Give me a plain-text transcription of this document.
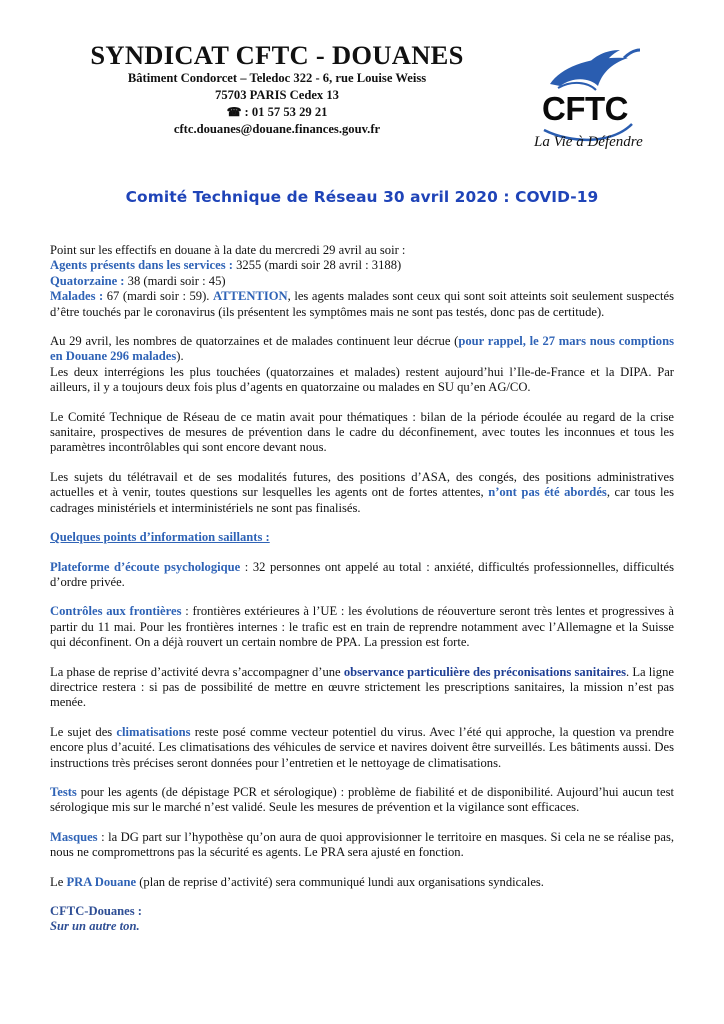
SYNDICAT CFTC - DOUANES
Bâtiment Condorcet – Teledoc 322 - 6, rue Louise Weiss
75703 PARIS Cedex 13
☎ : 01 57 53 29 21
cftc.douanes@douane.finances.gouv.fr
CFTC
La Vie à Défendre
Comité Technique de Réseau 30 avril 2020 : COVID-19

Point sur les effectifs en douane à la date du mercredi 29 avril au soir :

Agents présents dans les services : 3255 (mardi soir 28 avril : 3188)

Quatorzaine : 38 (mardi soir : 45)

Malades : 67 (mardi soir : 59). ATTENTION, les agents malades sont ceux qui sont soit atteints soit seulement suspectés d’être touchés par le coronavirus (ils présentent les symptômes mais ne sont pas testés, donc pas de certitude).

Au 29 avril, les nombres de quatorzaines et de malades continuent leur décrue (pour rappel, le 27 mars nous comptions en Douane 296 malades).

Les deux interrégions les plus touchées (quatorzaines et malades) restent aujourd’hui l’Ile-de-France et la DIPA. Par ailleurs, il y a toujours deux fois plus d’agents en quatorzaine ou malades en SU qu’en AG/CO.

Le Comité Technique de Réseau de ce matin avait pour thématiques : bilan de la période écoulée au regard de la crise sanitaire, prospectives de mesures de prévention dans le cadre du déconfinement, avec toutes les inconnues et tous les paramètres incontrôlables qui sont encore devant nous.

Les sujets du télétravail et de ses modalités futures, des positions d’ASA, des congés, des positions administratives actuelles et à venir, toutes questions sur lesquelles les agents ont de fortes attentes, n’ont pas été abordés, car tous les cadrages ministériels et interministériels ne sont pas finalisés.

Quelques points d’information saillants :

Plateforme d’écoute psychologique : 32 personnes ont appelé au total : anxiété, difficultés professionnelles, difficultés d’ordre privée.

Contrôles aux frontières : frontières extérieures à l’UE : les évolutions de réouverture seront très lentes et progressives à partir du 11 mai. Pour les frontières internes : le trafic est en train de reprendre notamment avec l’Allemagne et la Suisse qui déconfinent. On a déjà rouvert un certain nombre de PPA. La pression est forte.

La phase de reprise d’activité devra s’accompagner d’une observance particulière des préconisations sanitaires. La ligne directrice restera : si pas de possibilité de mettre en œuvre strictement les prescriptions sanitaires, la mission n’est pas menée.

Le sujet des climatisations reste posé comme vecteur potentiel du virus. Avec l’été qui approche, la question va prendre encore plus d’acuité. Les climatisations des véhicules de service et navires doivent être surveillés. Les bâtiments aussi. Des instructions très précises seront données pour l’entretien et le nettoyage de climatisations.

Tests pour les agents (de dépistage PCR et sérologique) : problème de fiabilité et de disponibilité. Aujourd’hui aucun test sérologique mis sur le marché n’est validé. Seule les mesures de prévention et la vigilance sont efficaces.

Masques : la DG part sur l’hypothèse qu’on aura de quoi approvisionner le territoire en masques. Si cela ne se réalise pas, nous ne compromettrons pas la sécurité es agents. Le PRA sera ajusté en fonction.

Le PRA Douane (plan de reprise d’activité) sera communiqué lundi aux organisations syndicales.

CFTC-Douanes :

Sur un autre ton.
